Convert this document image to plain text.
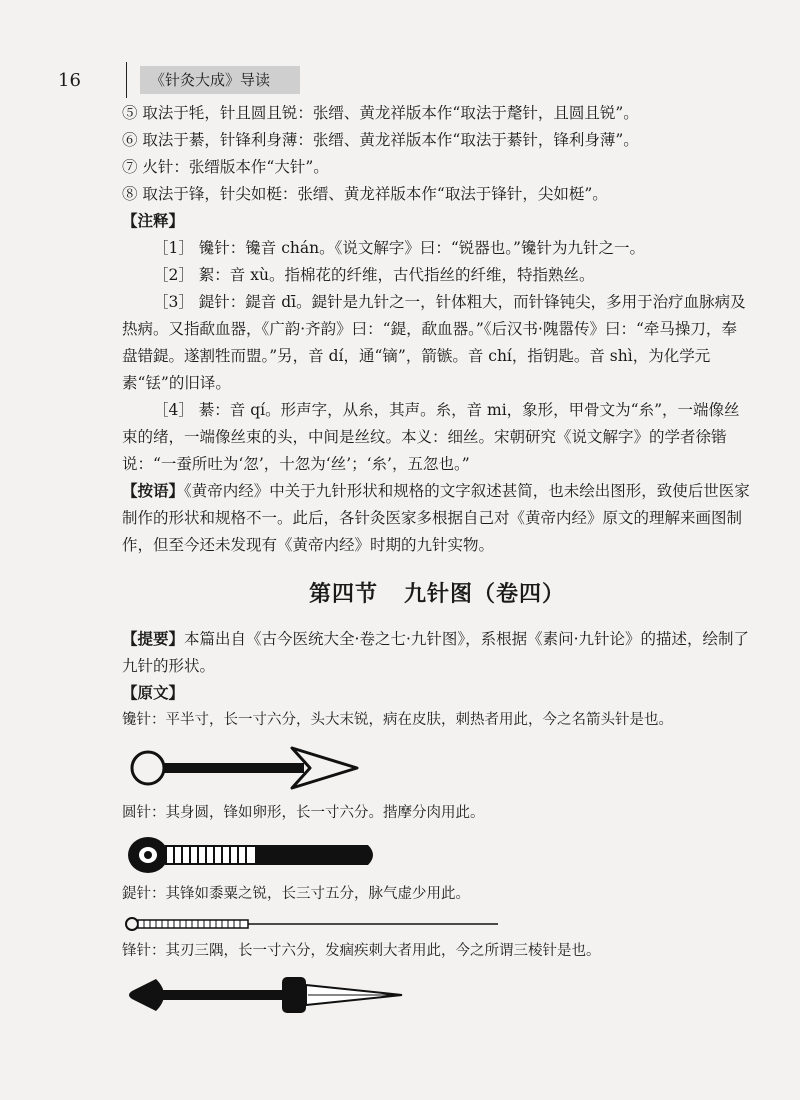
16	《针灸大成》导读

⑤ 取法于牦，针且圆且锐：张缙、黄龙祥版本作“取法于氂针，且圆且锐”。

⑥ 取法于綦，针锋利身薄：张缙、黄龙祥版本作“取法于綦针，锋利身薄”。

⑦ 火针：张缙版本作“大针”。

⑧ 取法于锋，针尖如梃：张缙、黄龙祥版本作“取法于锋针，尖如梃”。

【注释】

［1］ 镵针：镵音 chán。《说文解字》曰：“锐器也。”镵针为九针之一。

［2］ 絮：音 xù。指棉花的纤维，古代指丝的纤维，特指熟丝。

［3］ 鍉针：鍉音 dī。鍉针是九针之一，针体粗大，而针锋钝尖，多用于治疗血脉病及热病。又指歃血器，《广韵·齐韵》曰：“鍉，歃血器。”《后汉书·隗嚣传》曰：“牵马操刀，奉盘错鍉。遂割牲而盟。”另，音 dí，通“镝”，箭镞。音 chí，指钥匙。音 shì，为化学元素“铥”的旧译。

［4］ 綦：音 qí。形声字，从糸，其声。糸，音 mi，象形，甲骨文为“糸”，一端像丝束的绪，一端像丝束的头，中间是丝纹。本义：细丝。宋朝研究《说文解字》的学者徐锴说：“一蚕所吐为‘忽’，十忽为‘丝’；‘糸’，五忽也。”

【按语】《黄帝内经》中关于九针形状和规格的文字叙述甚简，也未绘出图形，致使后世医家制作的形状和规格不一。此后，各针灸医家多根据自己对《黄帝内经》原文的理解来画图制作，但至今还未发现有《黄帝内经》时期的九针实物。

第四节 九针图（卷四）

【提要】本篇出自《古今医统大全·卷之七·九针图》，系根据《素问·九针论》的描述，绘制了九针的形状。

【原文】

镵针：平半寸，长一寸六分，头大末锐，病在皮肤，刺热者用此，今之名箭头针是也。

圆针：其身圆，锋如卵形，长一寸六分。揩摩分肉用此。

鍉针：其锋如黍粟之锐，长三寸五分，脉气虚少用此。

锋针：其刃三隅，长一寸六分，发痼疾刺大者用此，今之所谓三棱针是也。
